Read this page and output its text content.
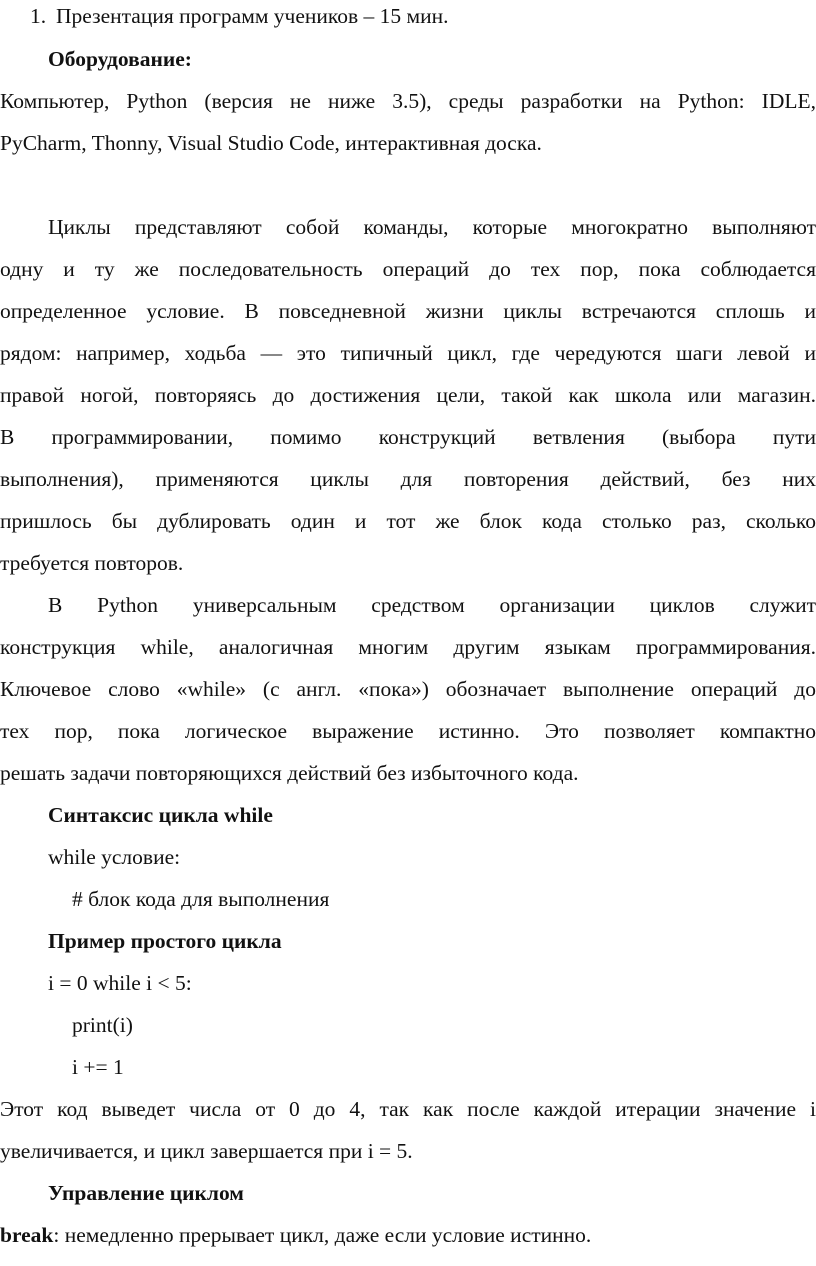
1. Презентация программ учеников – 15 мин.
Оборудование:
Компьютер, Python (версия не ниже 3.5), среды разработки на Python: IDLE,
PyCharm, Thonny, Visual Studio Code, интерактивная доска.
Циклы представляют собой команды, которые многократно выполняют
одну и ту же последовательность операций до тех пор, пока соблюдается
определенное условие. В повседневной жизни циклы встречаются сплошь и
рядом: например, ходьба — это типичный цикл, где чередуются шаги левой и
правой ногой, повторяясь до достижения цели, такой как школа или магазин.
В программировании, помимо конструкций ветвления (выбора пути
выполнения), применяются циклы для повторения действий, без них
пришлось бы дублировать один и тот же блок кода столько раз, сколько
требуется повторов.
В Python универсальным средством организации циклов служит
конструкция while, аналогичная многим другим языкам программирования.
Ключевое слово «while» (с англ. «пока») обозначает выполнение операций до
тех пор, пока логическое выражение истинно. Это позволяет компактно
решать задачи повторяющихся действий без избыточного кода.
Синтаксис цикла while
while условие:
# блок кода для выполнения
Пример простого цикла
i = 0 while i < 5:
print(i)
i += 1
Этот код выведет числа от 0 до 4, так как после каждой итерации значение i
увеличивается, и цикл завершается при i = 5.
Управление циклом
break: немедленно прерывает цикл, даже если условие истинно.
